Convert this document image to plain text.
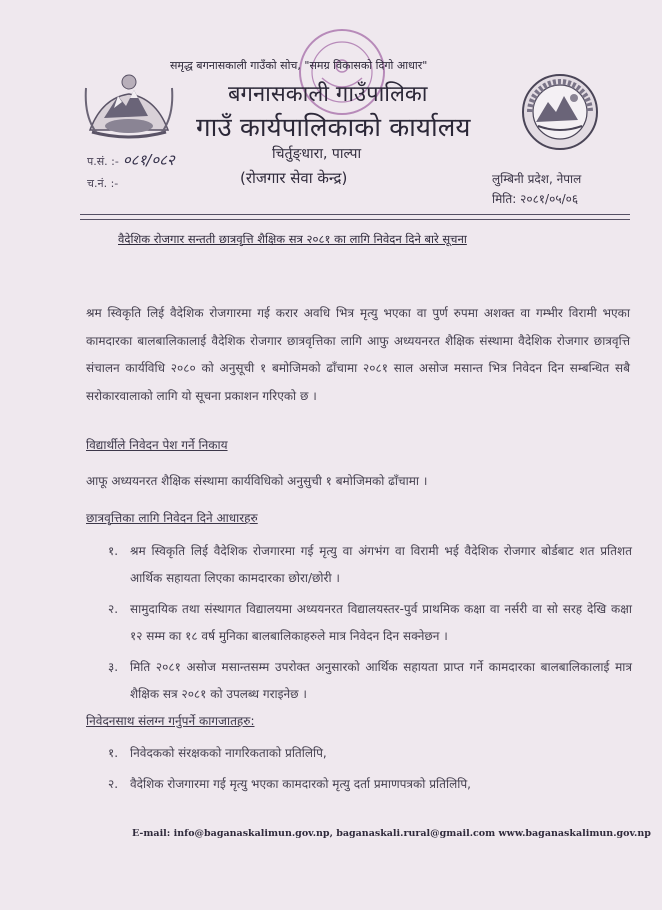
समृद्ध बगनासकाली गाउँको सोच, "समग्र विकासको दिगो आधार"
बगनासकाली गाउँपालिका
गाउँ कार्यपालिकाको कार्यालय
चिर्तुङ्धारा, पाल्पा
(रोजगार सेवा केन्द्र)
प.सं. :- ०८१/०८२
च.नं. :-	लुम्बिनी प्रदेश, नेपाल
मिति: २०८१/०५/०६
वैदेशिक रोजगार सन्तती छात्रवृत्ति शैक्षिक सत्र २०८१ का लागि निवेदन दिने बारे सूचना
श्रम स्विकृति लिई वैदेशिक रोजगारमा गई करार अवधि भित्र मृत्यु भएका वा पुर्ण रुपमा अशक्त वा गम्भीर विरामी भएका कामदारका बालबालिकालाई वैदेशिक रोजगार छात्रवृत्तिका लागि आफु अध्ययनरत शैक्षिक संस्थामा वैदेशिक रोजगार छात्रवृत्ति संचालन कार्यविधि २०८० को अनुसूची १ बमोजिमको ढाँचामा २०८१ साल असोज मसान्त भित्र निवेदन दिन सम्बन्धित सबै सरोकारवालाको लागि यो सूचना प्रकाशन गरिएको छ ।
विद्यार्थीले निवेदन पेश गर्ने निकाय
आफू अध्ययनरत शैक्षिक संस्थामा कार्यविधिको अनुसुची १ बमोजिमको ढाँचामा ।
छात्रवृत्तिका लागि निवेदन दिने आधारहरु
१. श्रम स्विकृति लिई वैदेशिक रोजगारमा गई मृत्यु वा अंगभंग वा विरामी भई वैदेशिक रोजगार बोर्डबाट शत प्रतिशत आर्थिक सहायता लिएका कामदारका छोरा/छोरी ।
२. सामुदायिक तथा संस्थागत विद्यालयमा अध्ययनरत विद्यालयस्तर-पुर्व प्राथमिक कक्षा वा नर्सरी वा सो सरह देखि कक्षा १२ सम्म का १८ वर्ष मुनिका बालबालिकाहरुले मात्र निवेदन दिन सक्नेछन ।
३. मिति २०८१ असोज मसान्तसम्म उपरोक्त अनुसारको आर्थिक सहायता प्राप्त गर्ने कामदारका बालबालिकालाई मात्र शैक्षिक सत्र २०८१ को उपलब्ध गराइनेछ ।
निवेदनसाथ संलग्न गर्नुपर्ने कागजातहरु:
१. निवेदकको संरक्षकको नागरिकताको प्रतिलिपि,
२. वैदेशिक रोजगारमा गई मृत्यु भएका कामदारको मृत्यु दर्ता प्रमाणपत्रको प्रतिलिपि,
E-mail: info@baganaskalimun.gov.np, baganaskali.rural@gmail.com www.baganaskalimun.gov.np
